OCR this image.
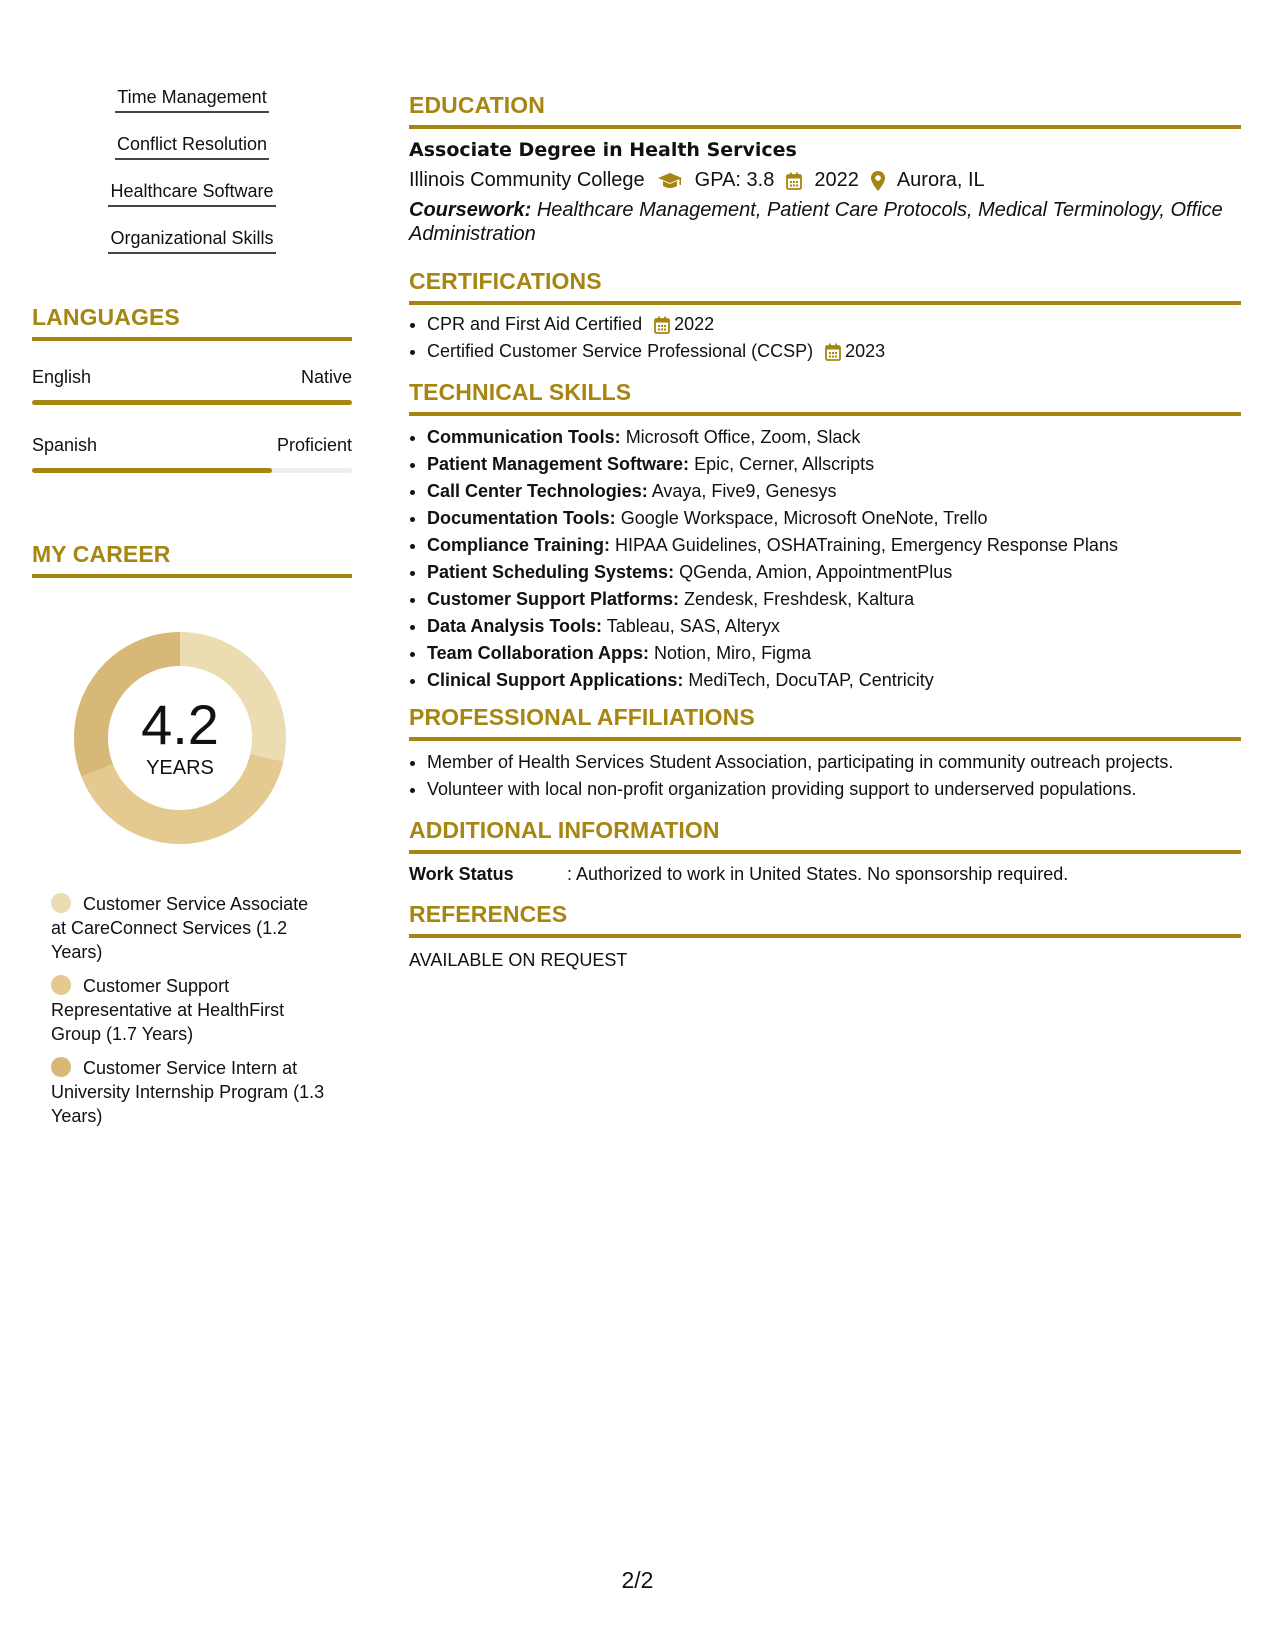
Time Management
Conflict Resolution
Healthcare Software
Organizational Skills
LANGUAGES
English	Native
Spanish	Proficient
MY CAREER
4.2
YEARS
Customer Service Associate at CareConnect Services (1.2 Years)
Customer Support Representative at HealthFirst Group (1.7 Years)
Customer Service Intern at University Internship Program (1.3 Years)
EDUCATION
Associate Degree in Health Services
Illinois Community College	GPA: 3.8 2022 Aurora, IL
Coursework: Healthcare Management, Patient Care Protocols, Medical Terminology, Office Administration
CERTIFICATIONS
• CPR and First Aid Certified 2022
• Certified Customer Service Professional (CCSP) 2023
TECHNICAL SKILLS
• Communication Tools: Microsoft Office, Zoom, Slack
• Patient Management Software: Epic, Cerner, Allscripts
• Call Center Technologies: Avaya, Five9, Genesys
• Documentation Tools: Google Workspace, Microsoft OneNote, Trello
• Compliance Training: HIPAA Guidelines, OSHATraining, Emergency Response Plans
• Patient Scheduling Systems: QGenda, Amion, AppointmentPlus
• Customer Support Platforms: Zendesk, Freshdesk, Kaltura
• Data Analysis Tools: Tableau, SAS, Alteryx
• Team Collaboration Apps: Notion, Miro, Figma
• Clinical Support Applications: MediTech, DocuTAP, Centricity
PROFESSIONAL AFFILIATIONS
• Member of Health Services Student Association, participating in community outreach projects.
• Volunteer with local non-profit organization providing support to underserved populations.
ADDITIONAL INFORMATION
Work Status	: Authorized to work in United States. No sponsorship required.
REFERENCES
AVAILABLE ON REQUEST
2/2
